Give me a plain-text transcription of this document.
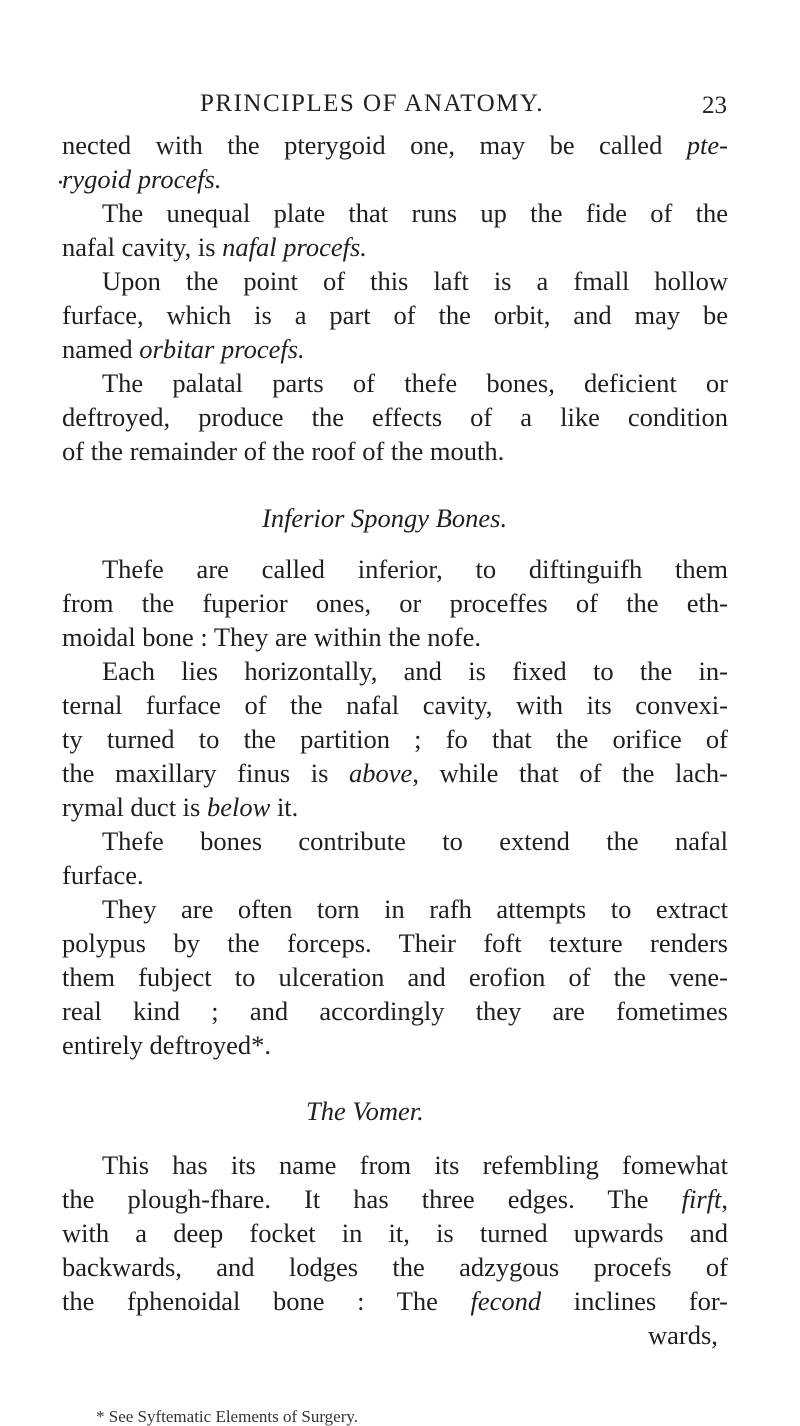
PRINCIPLES OF ANATOMY.	23
•
nected with the pterygoid one, may be called pte-
rygoid procefs.
The unequal plate that runs up the fide of the
nafal cavity, is nafal procefs.
Upon the point of this laft is a fmall hollow
furface, which is a part of the orbit, and may be
named orbitar procefs.
The palatal parts of thefe bones, deficient or
deftroyed, produce the effects of a like condition
of the remainder of the roof of the mouth.
Inferior Spongy Bones.
Thefe are called inferior, to diftinguifh them
from the fuperior ones, or proceffes of the eth-
moidal bone : They are within the nofe.
Each lies horizontally, and is fixed to the in-
ternal furface of the nafal cavity, with its convexi-
ty turned to the partition ; fo that the orifice of
the maxillary finus is above, while that of the lach-
rymal duct is below it.
Thefe bones contribute to extend the nafal
furface.
They are often torn in rafh attempts to extract
polypus by the forceps. Their foft texture renders
them fubject to ulceration and erofion of the vene-
real kind ; and accordingly they are fometimes
entirely deftroyed*.
The Vomer.
This has its name from its refembling fomewhat
the plough-fhare. It has three edges. The firft,
with a deep focket in it, is turned upwards and
backwards, and lodges the adzygous procefs of
the fphenoidal bone : The fecond inclines for-
wards,
* See Syftematic Elements of Surgery.
